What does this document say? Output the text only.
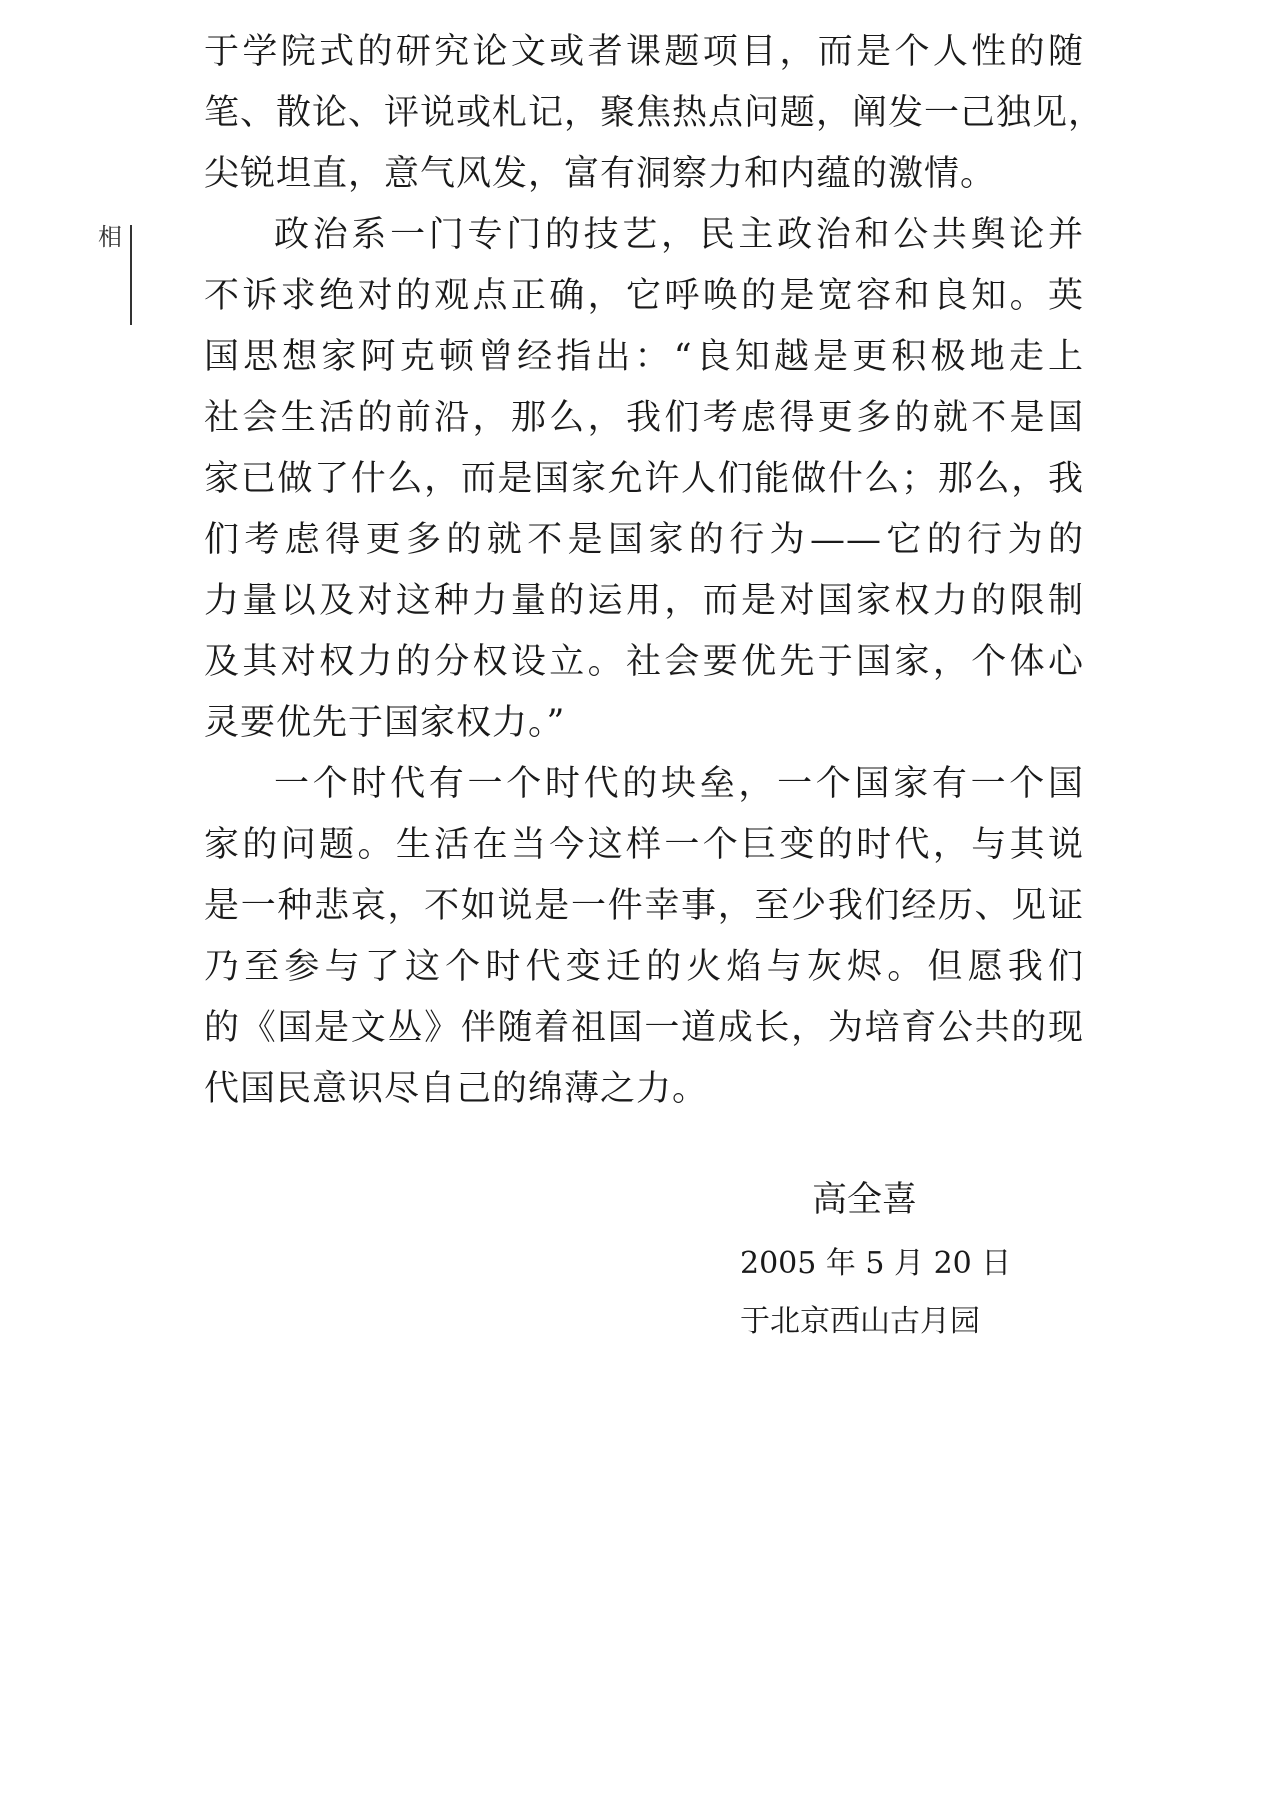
相
于学院式的研究论文或者课题项目，而是个人性的随
笔、散论、评说或札记，聚焦热点问题，阐发一己独见，
尖锐坦直，意气风发，富有洞察力和内蕴的激情。
政治系一门专门的技艺，民主政治和公共舆论并
不诉求绝对的观点正确，它呼唤的是宽容和良知。英
国思想家阿克顿曾经指出：“良知越是更积极地走上
社会生活的前沿，那么，我们考虑得更多的就不是国
家已做了什么，而是国家允许人们能做什么；那么，我
们考虑得更多的就不是国家的行为——它的行为的
力量以及对这种力量的运用，而是对国家权力的限制
及其对权力的分权设立。社会要优先于国家，个体心
灵要优先于国家权力。”
一个时代有一个时代的块垒，一个国家有一个国
家的问题。生活在当今这样一个巨变的时代，与其说
是一种悲哀，不如说是一件幸事，至少我们经历、见证
乃至参与了这个时代变迁的火焰与灰烬。但愿我们
的《国是文丛》伴随着祖国一道成长，为培育公共的现
代国民意识尽自己的绵薄之力。
高全喜
2005 年 5 月 20 日
于北京西山古月园
